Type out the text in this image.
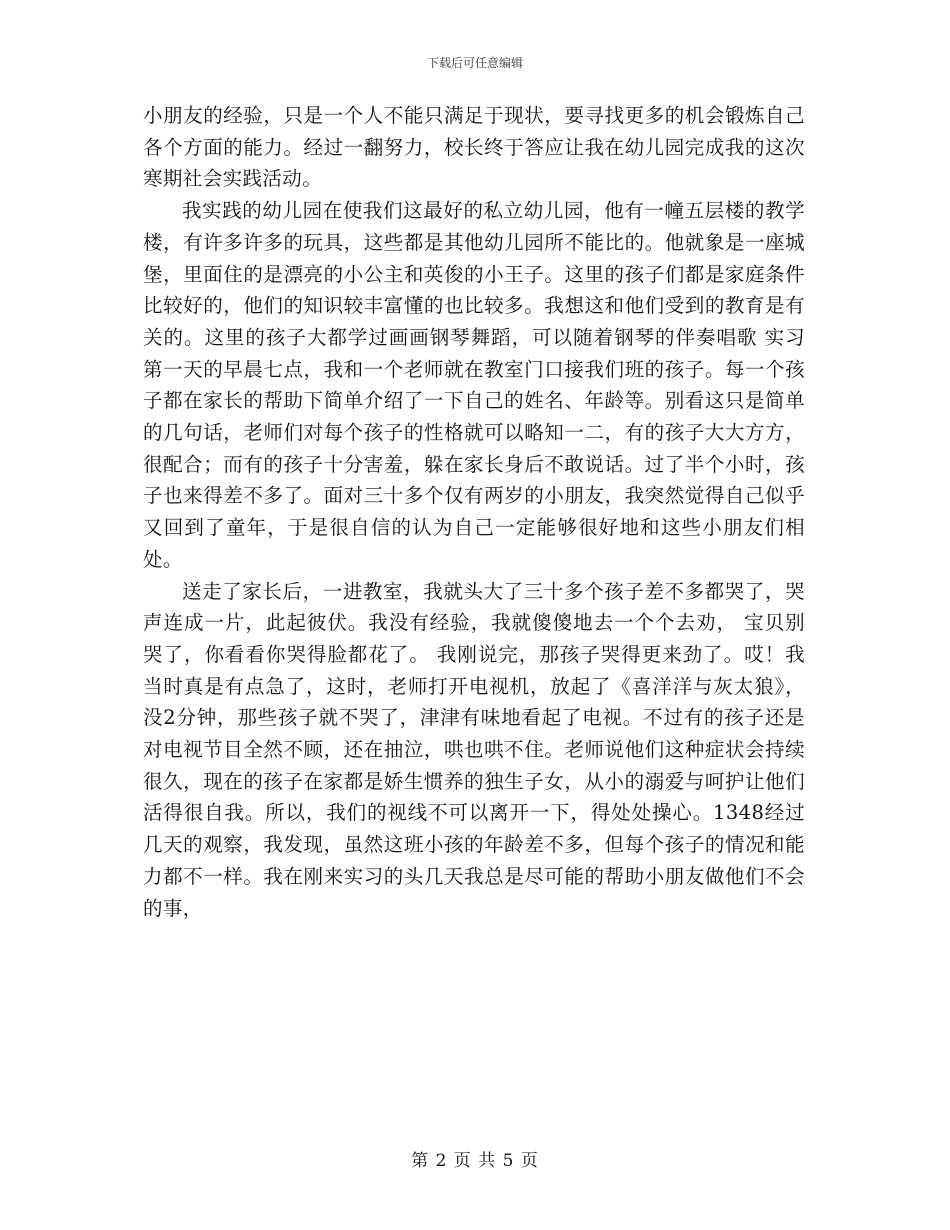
下载后可任意编辑

小朋友的经验，只是一个人不能只满足于现状，要寻找更多的机会锻炼自己各个方面的能力。经过一翻努力，校长终于答应让我在幼儿园完成我的这次寒期社会实践活动。

我实践的幼儿园在使我们这最好的私立幼儿园，他有一幢五层楼的教学楼，有许多许多的玩具，这些都是其他幼儿园所不能比的。他就象是一座城堡，里面住的是漂亮的小公主和英俊的小王子。这里的孩子们都是家庭条件比较好的，他们的知识较丰富懂的也比较多。我想这和他们受到的教育是有关的。这里的孩子大都学过画画钢琴舞蹈，可以随着钢琴的伴奏唱歌 实习第一天的早晨七点，我和一个老师就在教室门口接我们班的孩子。每一个孩子都在家长的帮助下简单介绍了一下自己的姓名、年龄等。别看这只是简单的几句话，老师们对每个孩子的性格就可以略知一二，有的孩子大大方方，很配合；而有的孩子十分害羞，躲在家长身后不敢说话。过了半个小时，孩子也来得差不多了。面对三十多个仅有两岁的小朋友，我突然觉得自己似乎又回到了童年，于是很自信的认为自己一定能够很好地和这些小朋友们相处。

送走了家长后，一进教室，我就头大了三十多个孩子差不多都哭了，哭声连成一片，此起彼伏。我没有经验，我就傻傻地去一个个去劝， 宝贝别哭了，你看看你哭得脸都花了。 我刚说完，那孩子哭得更来劲了。哎！我当时真是有点急了，这时，老师打开电视机，放起了《喜洋洋与灰太狼》，没2分钟，那些孩子就不哭了，津津有味地看起了电视。不过有的孩子还是对电视节目全然不顾，还在抽泣，哄也哄不住。老师说他们这种症状会持续很久，现在的孩子在家都是娇生惯养的独生子女，从小的溺爱与呵护让他们活得很自我。所以，我们的视线不可以离开一下，得处处操心。1348经过几天的观察，我发现，虽然这班小孩的年龄差不多，但每个孩子的情况和能力都不一样。我在刚来实习的头几天我总是尽可能的帮助小朋友做他们不会的事，

第 2 页 共 5 页
